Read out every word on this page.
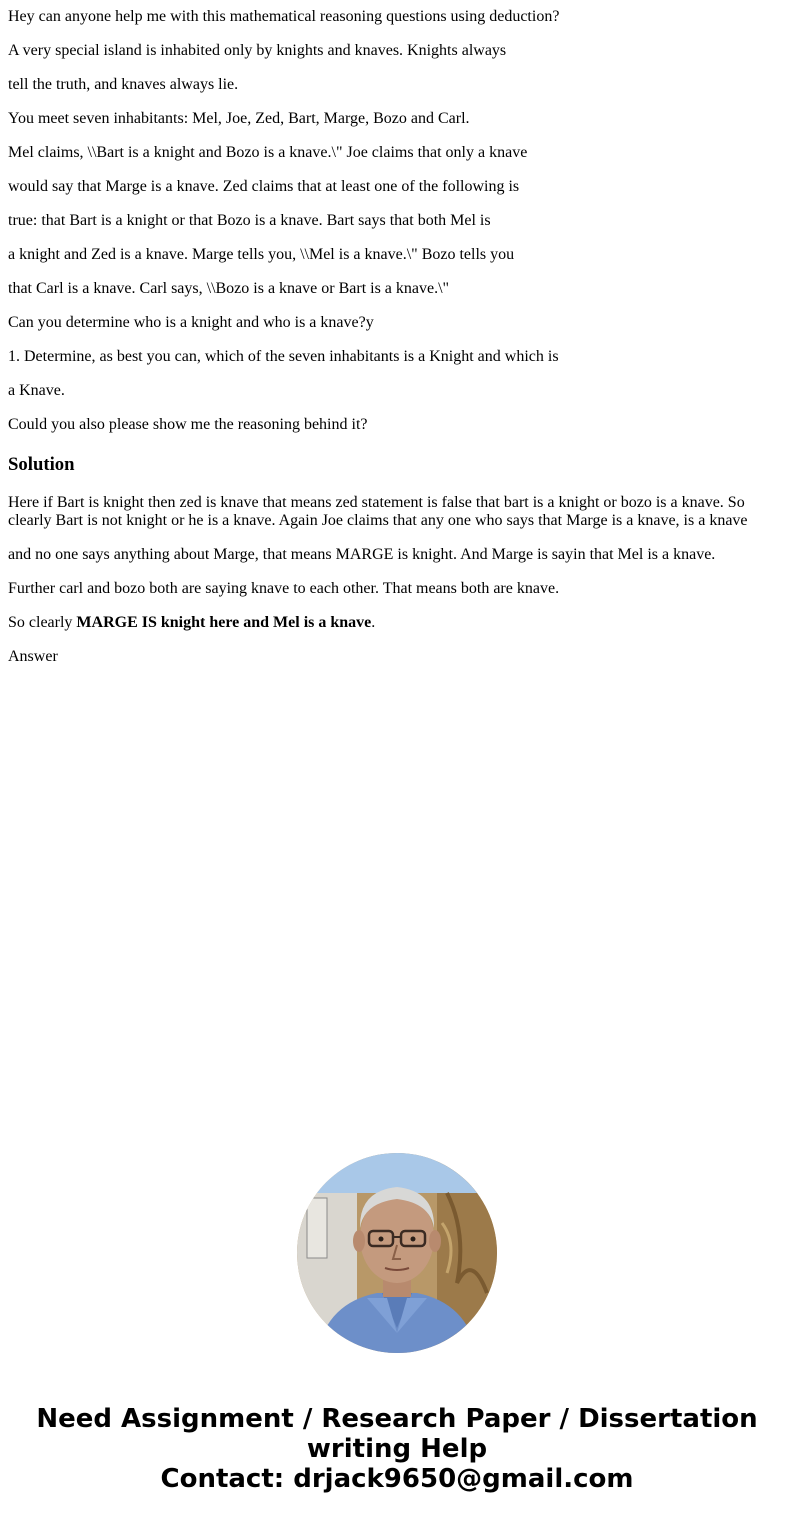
Hey can anyone help me with this mathematical reasoning questions using deduction?

A very special island is inhabited only by knights and knaves. Knights always

tell the truth, and knaves always lie.

You meet seven inhabitants: Mel, Joe, Zed, Bart, Marge, Bozo and Carl.

Mel claims, \\Bart is a knight and Bozo is a knave.\" Joe claims that only a knave

would say that Marge is a knave. Zed claims that at least one of the following is

true: that Bart is a knight or that Bozo is a knave. Bart says that both Mel is

a knight and Zed is a knave. Marge tells you, \\Mel is a knave.\" Bozo tells you

that Carl is a knave. Carl says, \\Bozo is a knave or Bart is a knave.\"

Can you determine who is a knight and who is a knave?y

1. Determine, as best you can, which of the seven inhabitants is a Knight and which is

a Knave.

Could you also please show me the reasoning behind it?

Solution

Here if Bart is knight then zed is knave that means zed statement is false that bart is a knight or bozo is a knave. So clearly Bart is not knight or he is a knave. Again Joe claims that any one who says that Marge is a knave, is a knave

and no one says anything about Marge, that means MARGE is knight. And Marge is sayin that Mel is a knave.

Further carl and bozo both are saying knave to each other. That means both are knave.

So clearly MARGE IS knight here and Mel is a knave.

Answer

Need Assignment / Research Paper / Dissertation
writing Help
Contact: drjack9650@gmail.com
